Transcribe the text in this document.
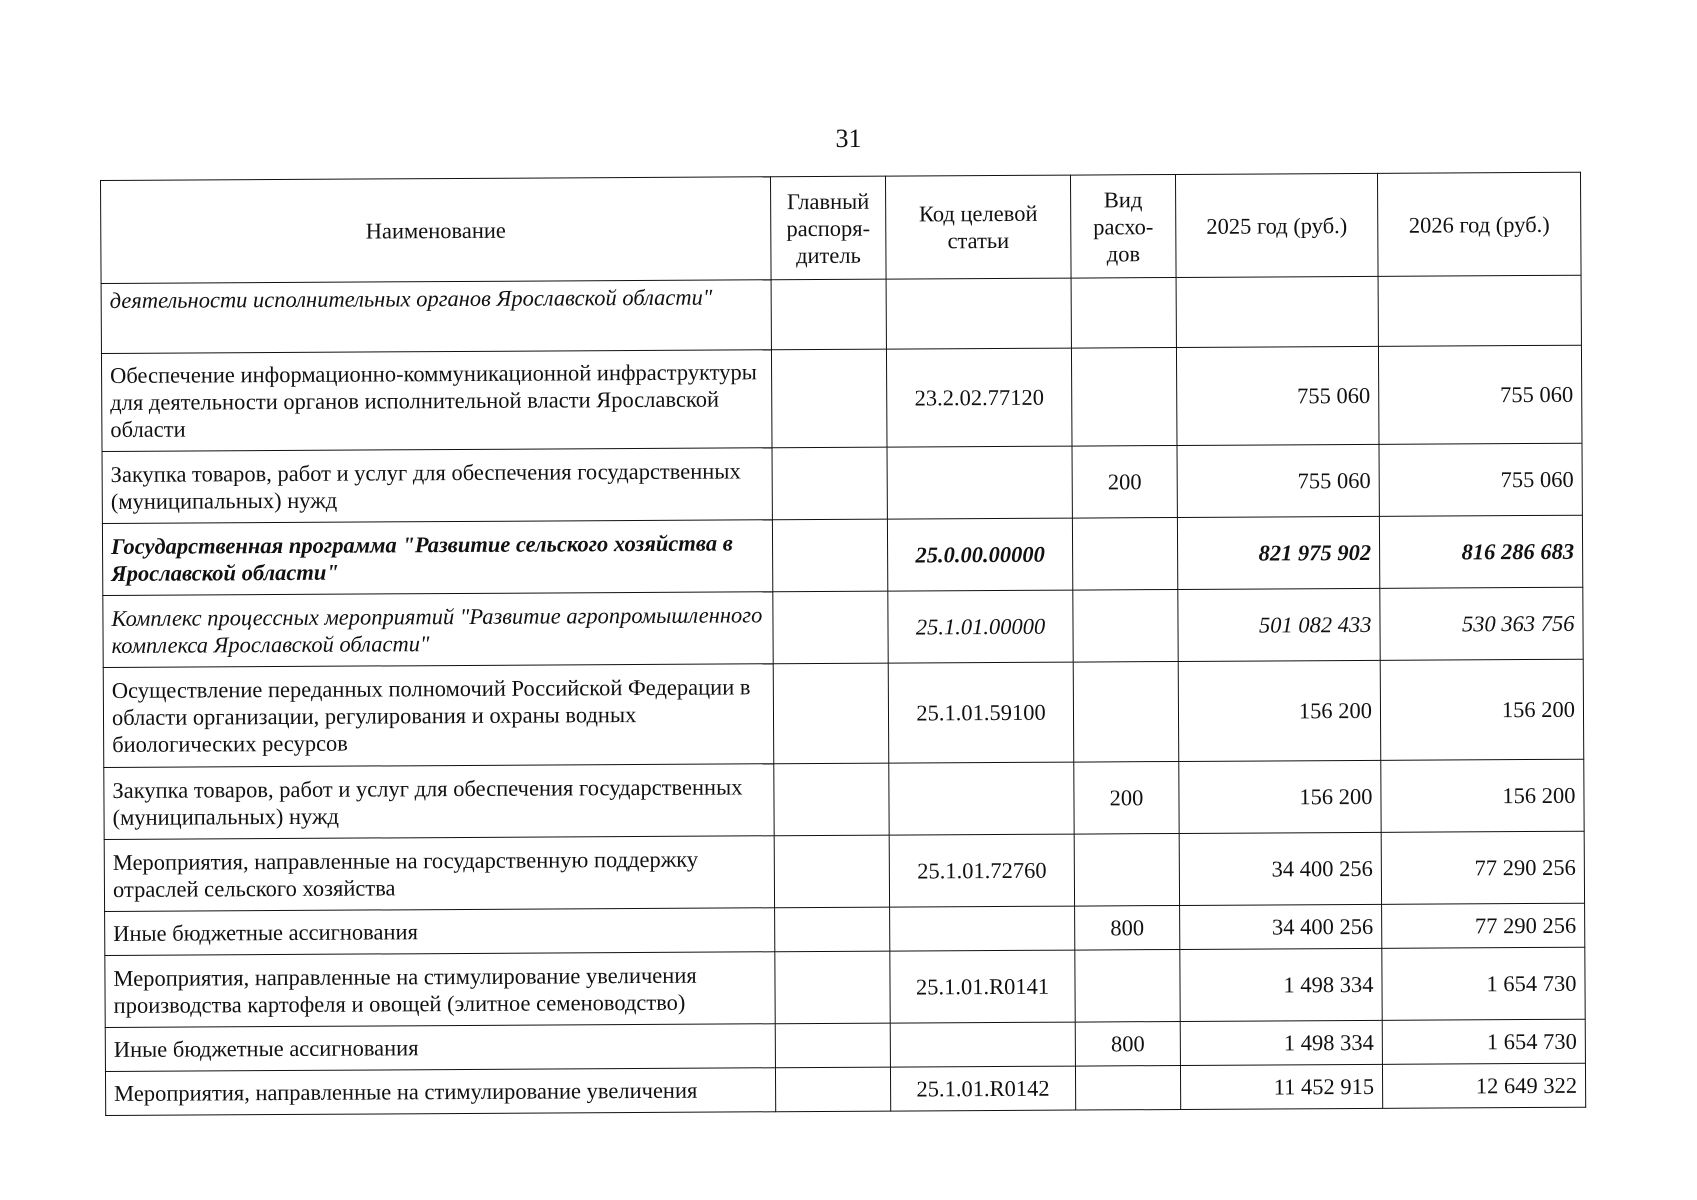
31
Наименование	Главный распоря-дитель	Код целевой статьи	Вид расхо-дов	2025 год (руб.)	2026 год (руб.)
деятельности исполнительных органов Ярославской области"					
Обеспечение информационно-коммуникационной инфраструктуры для деятельности органов исполнительной власти Ярославской области		23.2.02.77120		755 060	755 060
Закупка товаров, работ и услуг для обеспечения государственных (муниципальных) нужд			200	755 060	755 060
Государственная программа "Развитие сельского хозяйства в Ярославской области"		25.0.00.00000		821 975 902	816 286 683
Комплекс процессных мероприятий "Развитие агропромышленного комплекса Ярославской области"		25.1.01.00000		501 082 433	530 363 756
Осуществление переданных полномочий Российской Федерации в области организации, регулирования и охраны водных биологических ресурсов		25.1.01.59100		156 200	156 200
Закупка товаров, работ и услуг для обеспечения государственных (муниципальных) нужд			200	156 200	156 200
Мероприятия, направленные на государственную поддержку отраслей сельского хозяйства		25.1.01.72760		34 400 256	77 290 256
Иные бюджетные ассигнования			800	34 400 256	77 290 256
Мероприятия, направленные на стимулирование увеличения производства картофеля и овощей (элитное семеноводство)		25.1.01.R0141		1 498 334	1 654 730
Иные бюджетные ассигнования			800	1 498 334	1 654 730
Мероприятия, направленные на стимулирование увеличения		25.1.01.R0142		11 452 915	12 649 322
